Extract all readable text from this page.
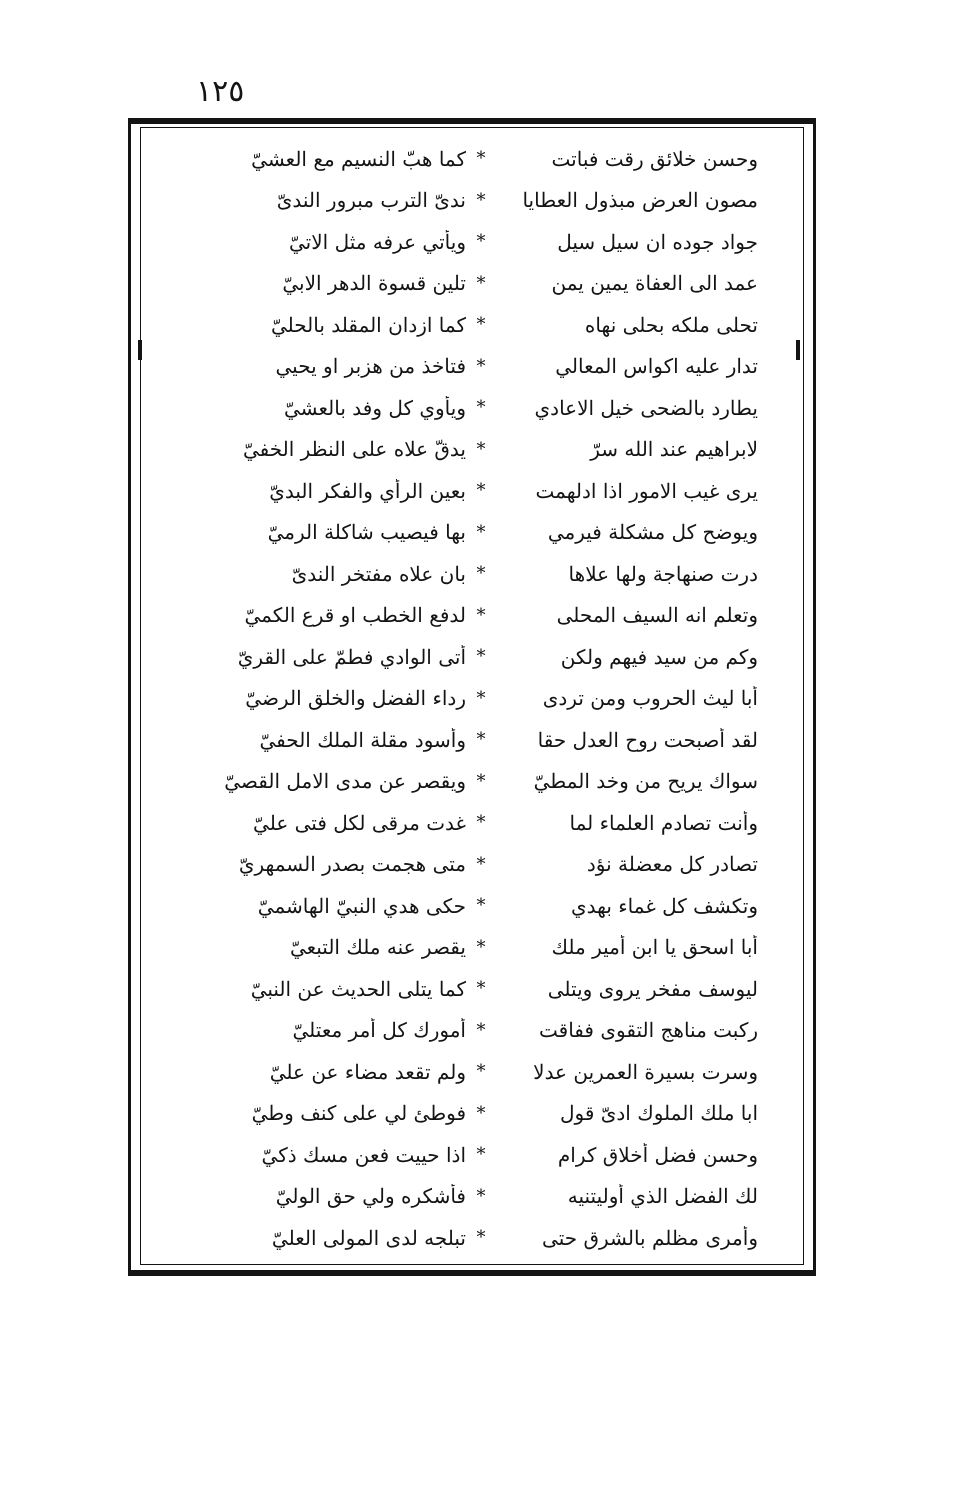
١٢٥
وحسن خلائق رقت فباتت
*
كما هبّ النسيم مع العشيّ
مصون العرض مبذول العطايا
*
ندىّ الترب مبرور الندىّ
جواد جوده ان سيل سيل
*
ويأتي عرفه مثل الاتيّ
عمد الى العفاة يمين يمن
*
تلين قسوة الدهر الابيّ
تحلى ملكه بحلى نهاه
*
كما ازدان المقلد بالحليّ
تدار عليه اكواس المعالي
*
فتاخذ من هزبر او يحيي
يطارد بالضحى خيل الاعادي
*
ويأوي كل وفد بالعشيّ
لابراهيم عند الله سرّ
*
يدقّ علاه على النظر الخفيّ
يرى غيب الامور اذا ادلهمت
*
بعين الرأي والفكر البديّ
ويوضح كل مشكلة فيرمي
*
بها فيصيب شاكلة الرميّ
درت صنهاجة ولها علاها
*
بان علاه مفتخر الندىّ
وتعلم انه السيف المحلى
*
لدفع الخطب او قرع الكميّ
وكم من سيد فيهم ولكن
*
أتى الوادي فطمّ على القريّ
أبا ليث الحروب ومن تردى
*
رداء الفضل والخلق الرضيّ
لقد أصبحت روح العدل حقا
*
وأسود مقلة الملك الحفيّ
سواك يريح من وخد المطيّ
*
ويقصر عن مدى الامل القصيّ
وأنت تصادم العلماء لما
*
غدت مرقى لكل فتى عليّ
تصادر كل معضلة نؤد
*
متى هجمت بصدر السمهريّ
وتكشف كل غماء بهدي
*
حكى هدي النبيّ الهاشميّ
أبا اسحق يا ابن أمير ملك
*
يقصر عنه ملك التبعيّ
ليوسف مفخر يروى ويتلى
*
كما يتلى الحديث عن النبيّ
ركبت مناهج التقوى ففاقت
*
أمورك كل أمر معتليّ
وسرت بسيرة العمرين عدلا
*
ولم تقعد مضاء عن عليّ
ابا ملك الملوك ادىّ قول
*
فوطئ لي على كنف وطيّ
وحسن فضل أخلاق كرام
*
اذا حييت فعن مسك ذكيّ
لك الفضل الذي أوليتنيه
*
فأشكره ولي حق الوليّ
وأمرى مظلم بالشرق حتى
*
تبلجه لدى المولى العليّ
